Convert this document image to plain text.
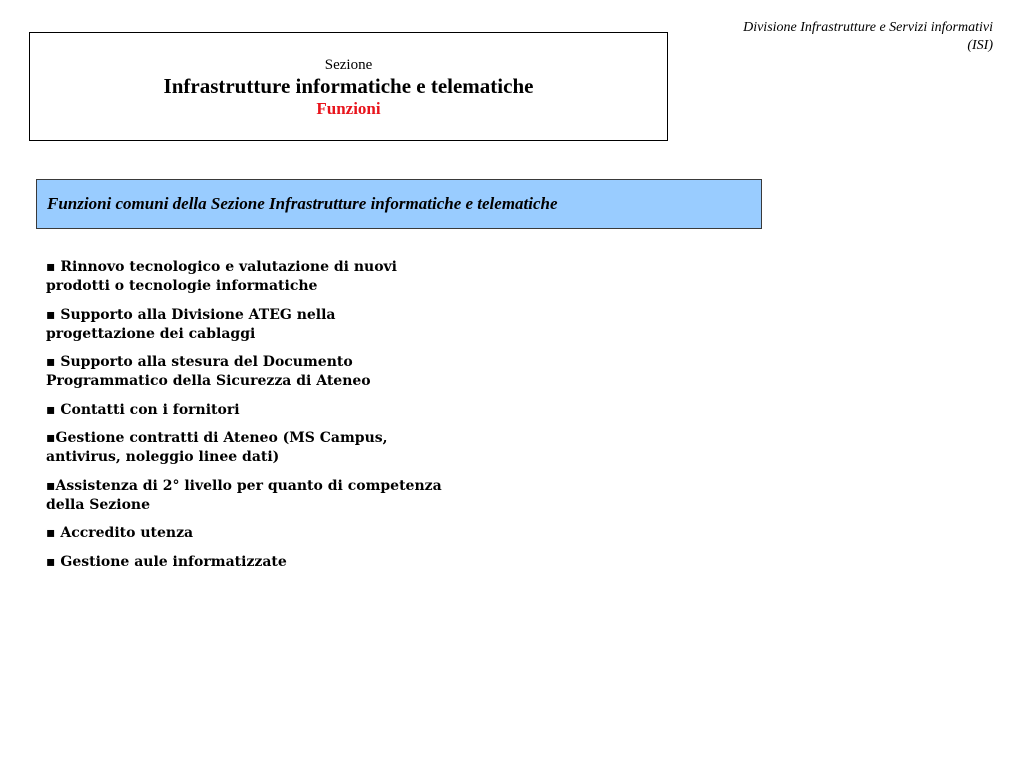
Divisione Infrastrutture e Servizi informativi
(ISI)
Sezione
Infrastrutture informatiche e telematiche
Funzioni
Funzioni comuni della Sezione Infrastrutture informatiche e telematiche
▪ Rinnovo tecnologico e valutazione di nuovi
prodotti o tecnologie informatiche
▪ Supporto alla Divisione ATEG nella
progettazione dei cablaggi
▪ Supporto alla stesura del Documento
Programmatico della Sicurezza di Ateneo
▪ Contatti con i fornitori
▪Gestione contratti di Ateneo (MS Campus,
antivirus, noleggio linee dati)
▪Assistenza di 2° livello per quanto di competenza
della Sezione
▪ Accredito utenza
▪ Gestione aule informatizzate
